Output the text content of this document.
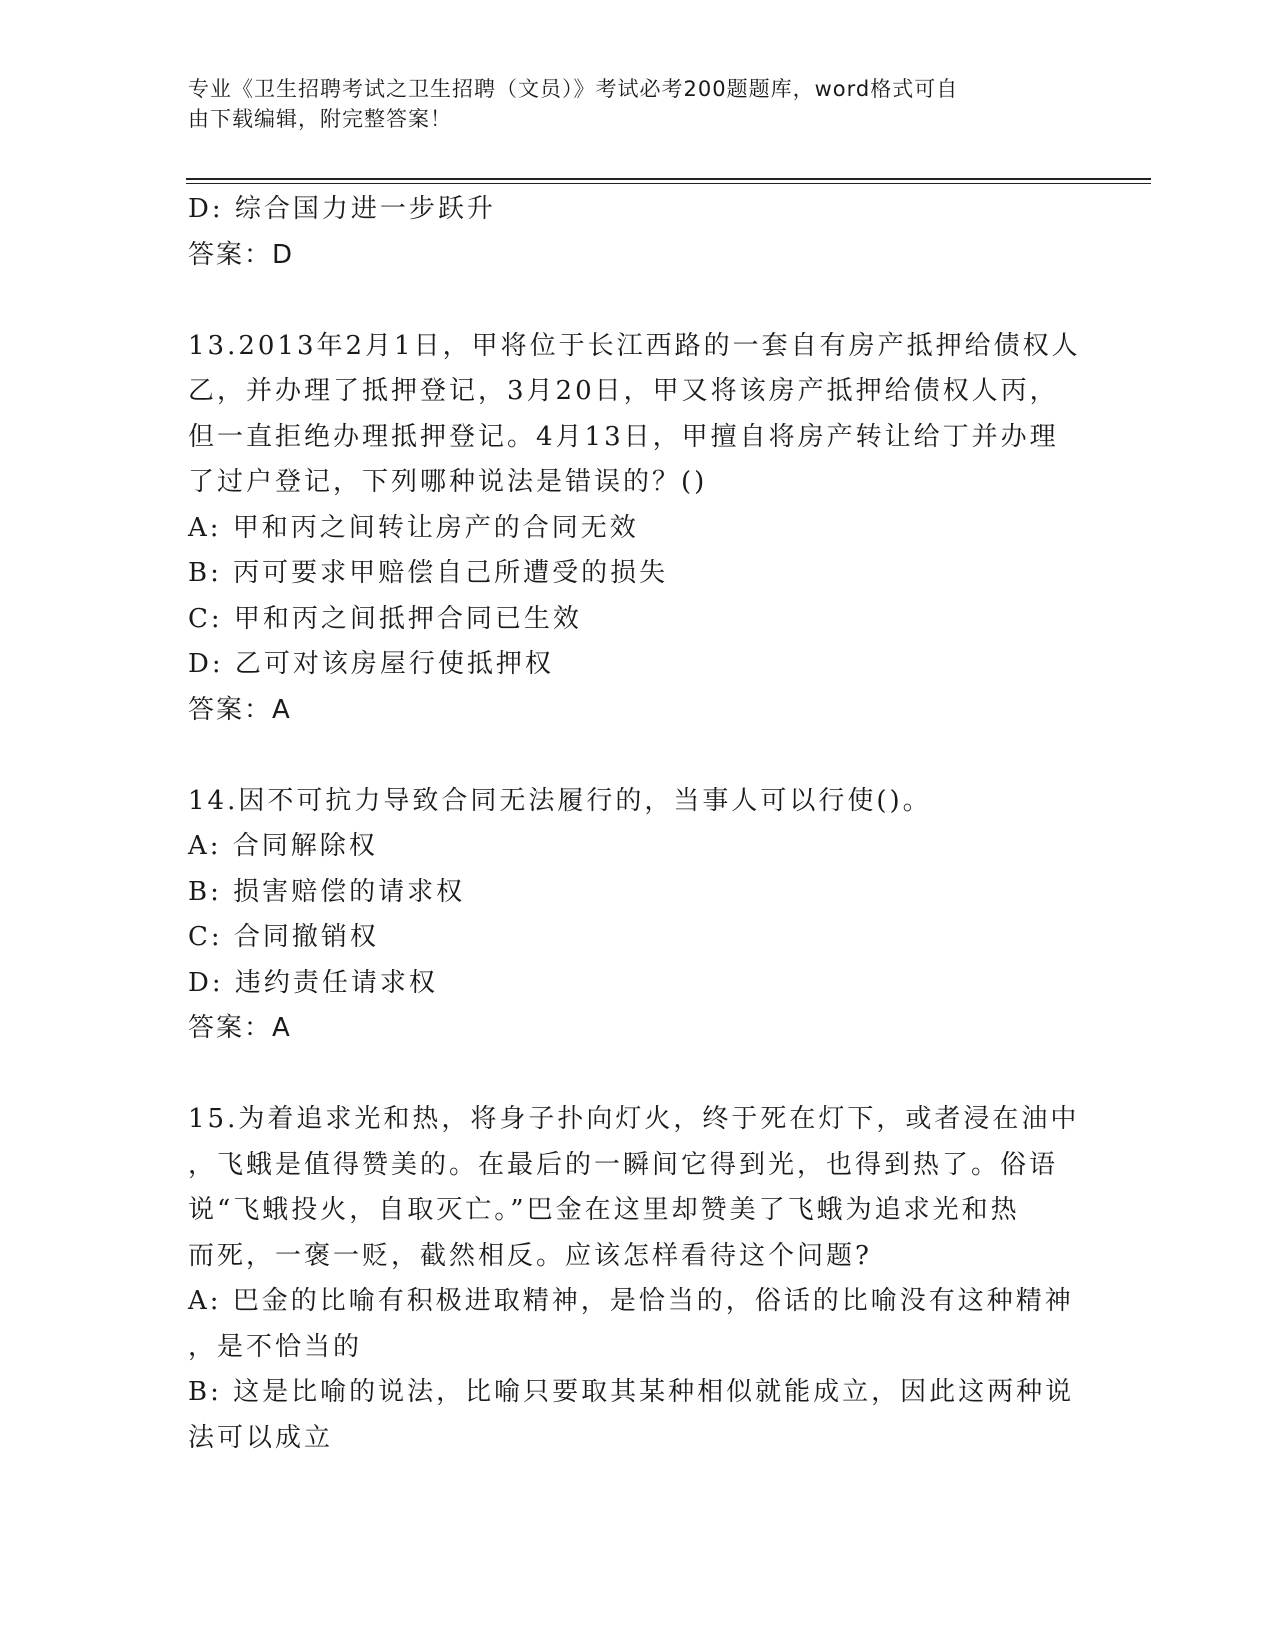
专业《卫生招聘考试之卫生招聘（文员）》考试必考200题题库，word格式可自
由下载编辑，附完整答案！
D: 综合国力进一步跃升
答案：D
13.2013年2月1日，甲将位于长江西路的一套自有房产抵押给债权人
乙，并办理了抵押登记，3月20日，甲又将该房产抵押给债权人丙，
但一直拒绝办理抵押登记。4月13日，甲擅自将房产转让给丁并办理
了过户登记，下列哪种说法是错误的？()
A: 甲和丙之间转让房产的合同无效
B: 丙可要求甲赔偿自己所遭受的损失
C: 甲和丙之间抵押合同已生效
D: 乙可对该房屋行使抵押权
答案：A
14.因不可抗力导致合同无法履行的，当事人可以行使()。
A: 合同解除权
B: 损害赔偿的请求权
C: 合同撤销权
D: 违约责任请求权
答案：A
15.为着追求光和热，将身子扑向灯火，终于死在灯下，或者浸在油中
，飞蛾是值得赞美的。在最后的一瞬间它得到光，也得到热了。俗语
说“飞蛾投火，自取灭亡。”巴金在这里却赞美了飞蛾为追求光和热
而死，一褒一贬，截然相反。应该怎样看待这个问题?
A: 巴金的比喻有积极进取精神，是恰当的，俗话的比喻没有这种精神
，是不恰当的
B: 这是比喻的说法，比喻只要取其某种相似就能成立，因此这两种说
法可以成立
